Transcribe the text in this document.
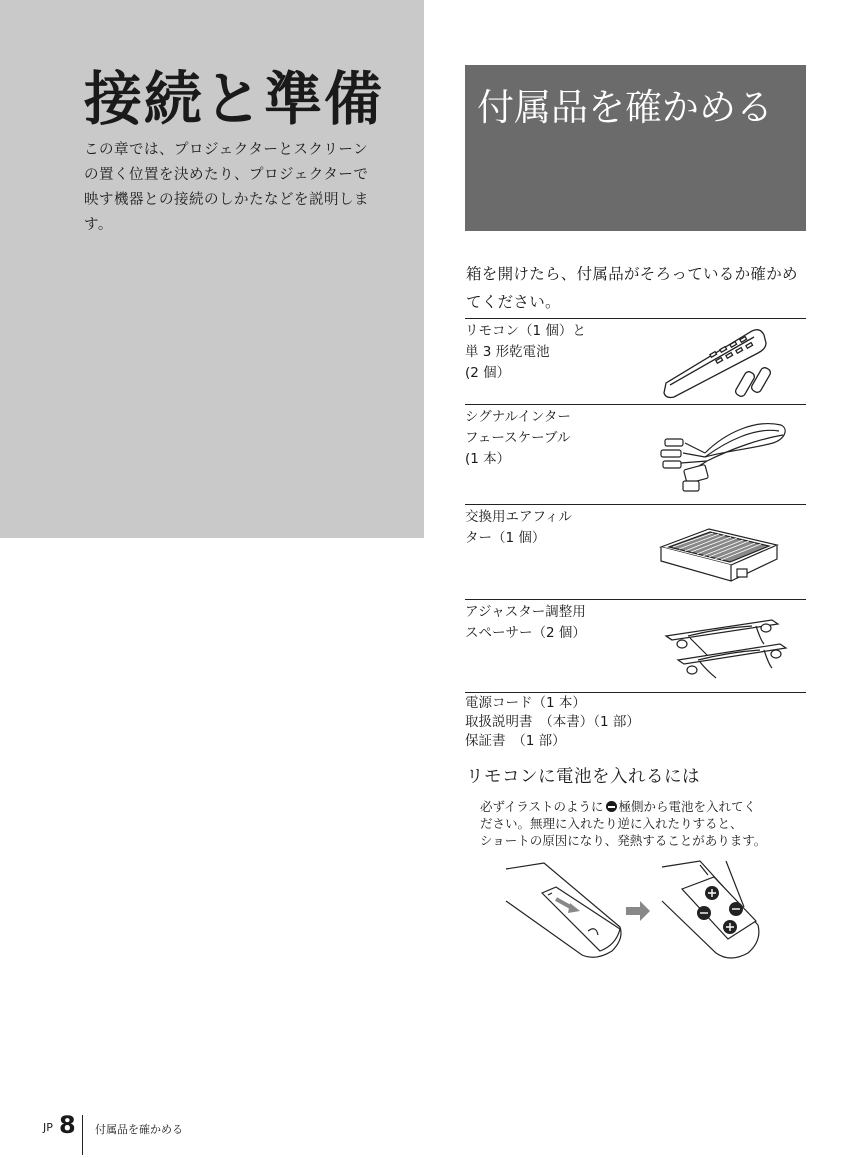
接続と準備
この章では、プロジェクターとスクリーン
の置く位置を決めたり、プロジェクターで
映す機器との接続のしかたなどを説明しま
す。
付属品を確かめる
箱を開けたら、付属品がそろっているか確かめ
てください。
リモコン（1 個）と
単 3 形乾電池
(2 個）
シグナルインター
フェースケーブル
(1 本）
交換用エアフィル
ター（1 個）
アジャスター調整用
スペーサー（2 個）
電源コード（1 本）
取扱説明書　（本書）（1 部）
保証書　（1 部）
リモコンに電池を入れるには
必ずイラストのように 極側から電池を入れてく
ださい。無理に入れたり逆に入れたりすると、
ショートの原因になり、発熱することがあります。
JP 8 付属品を確かめる
